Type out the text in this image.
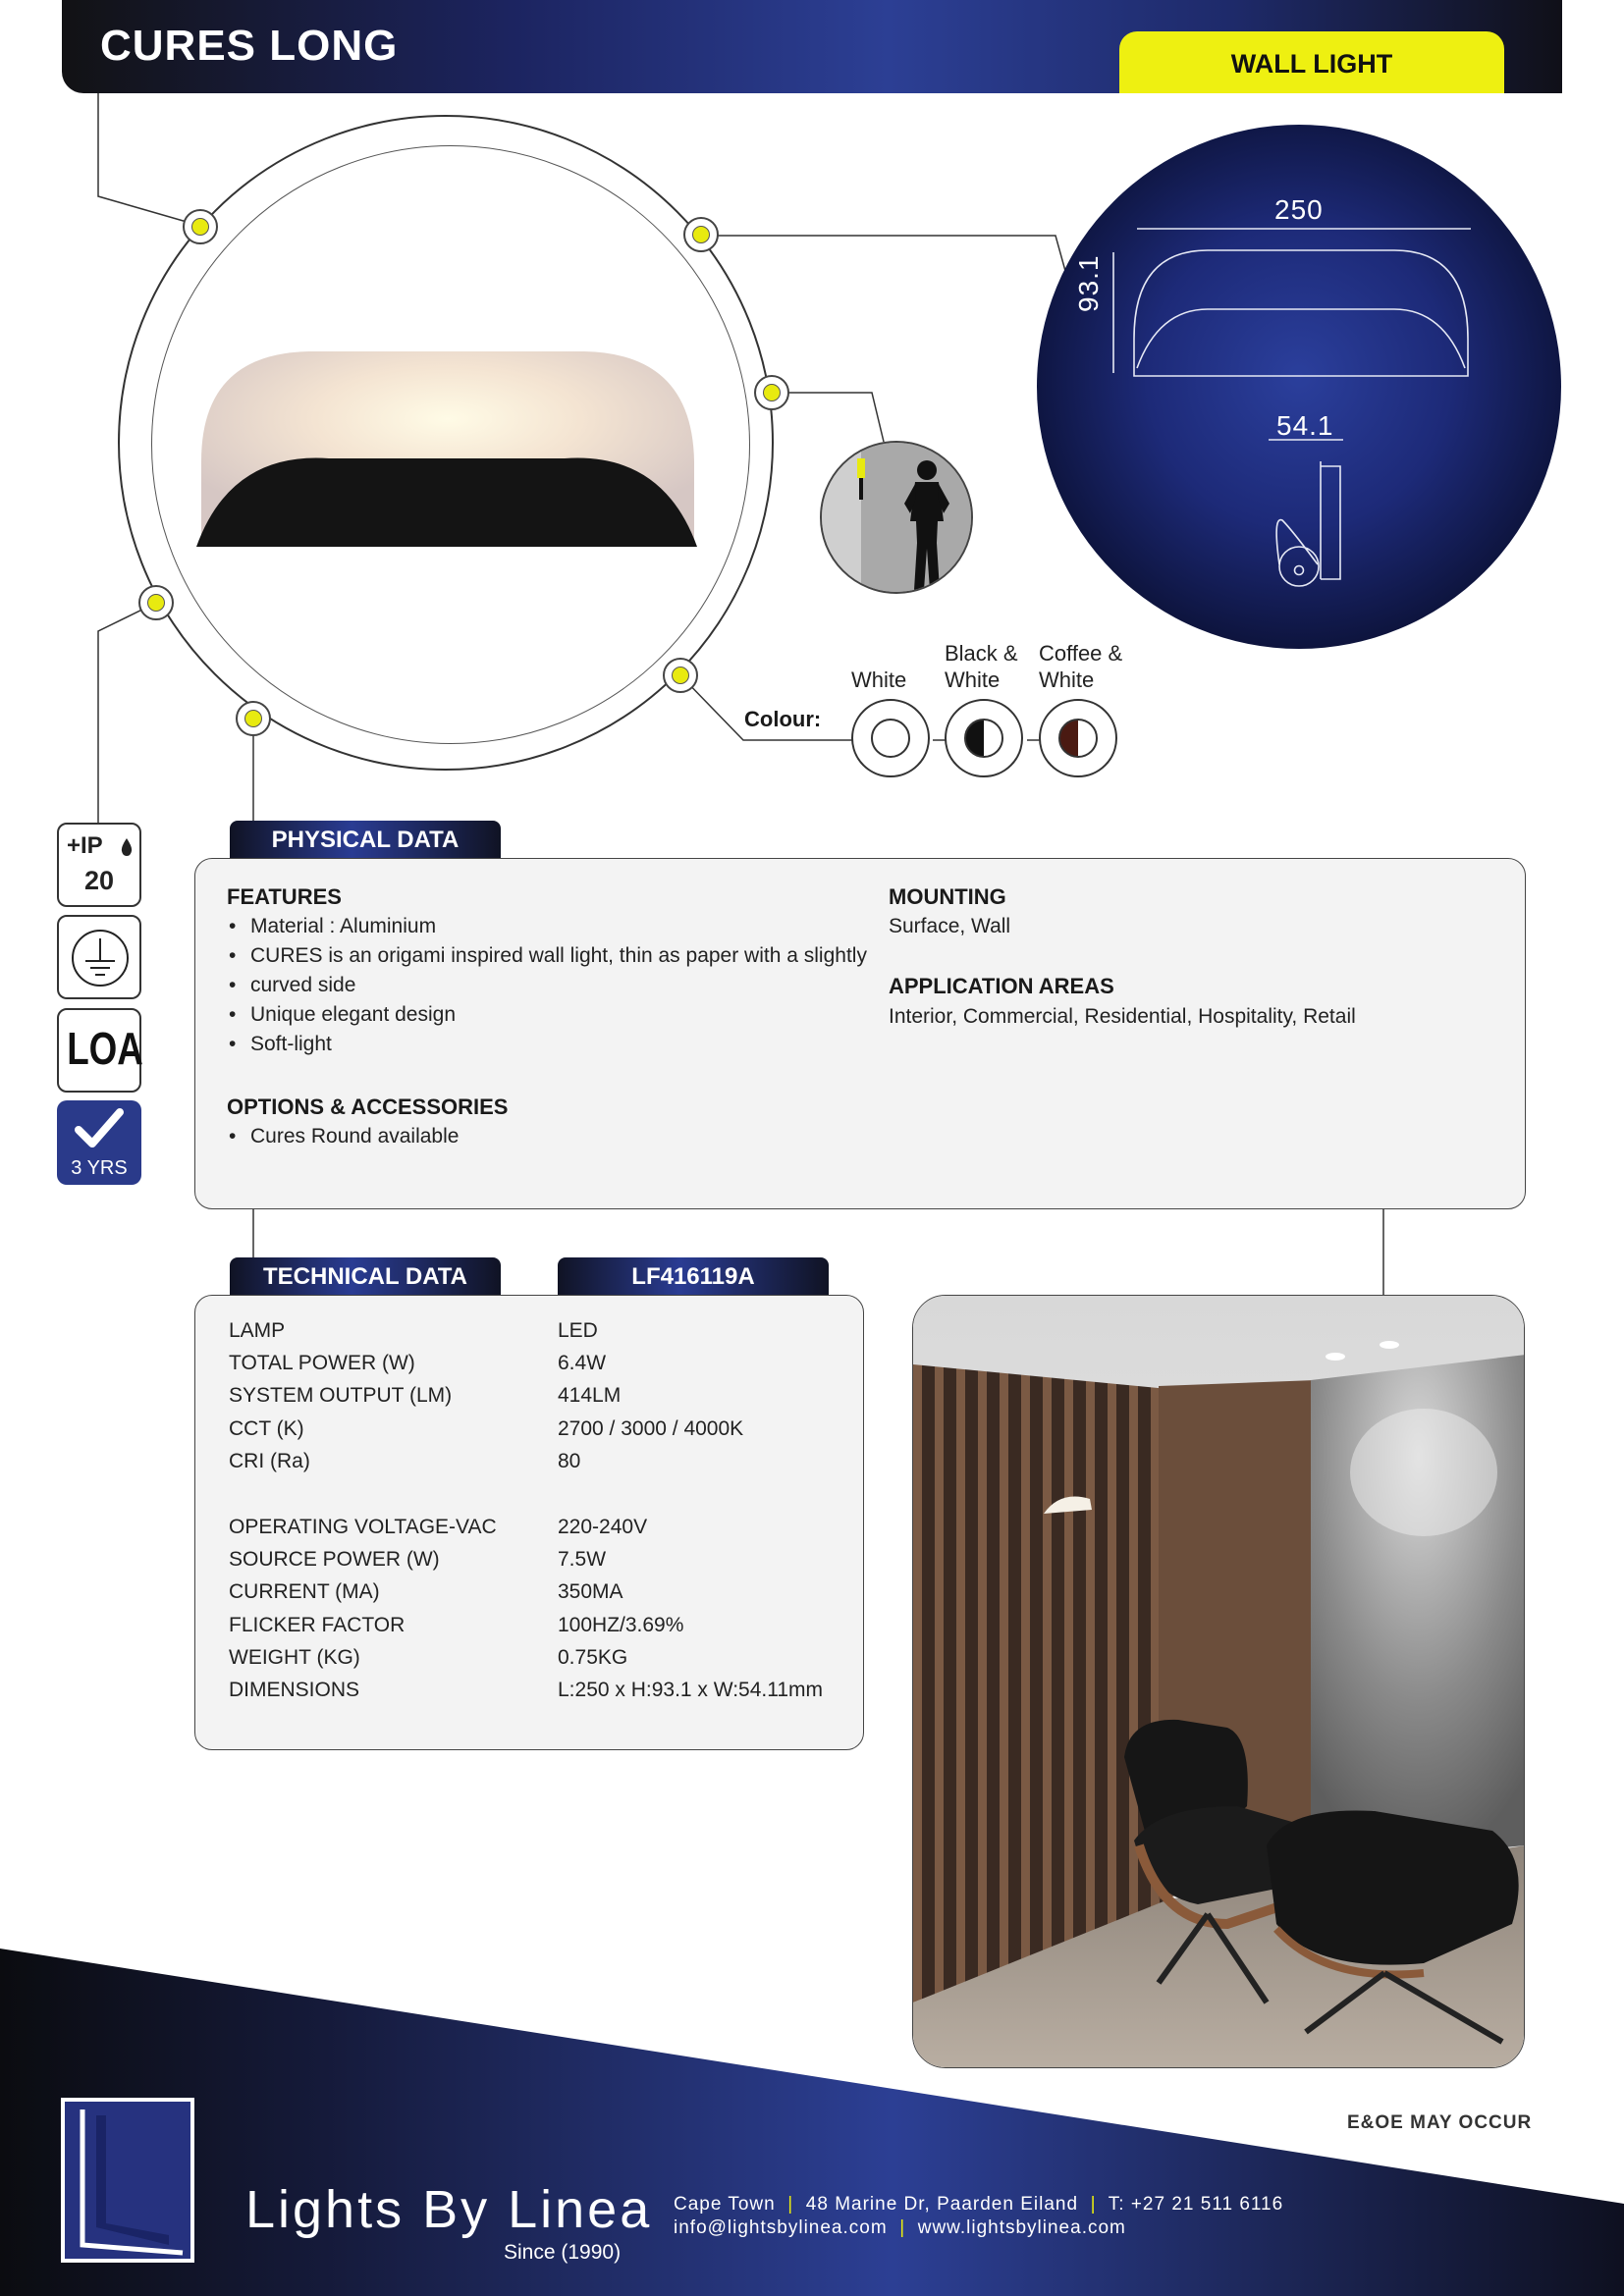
CURES LONG	WALL LIGHT
250
93.1
54.1
Colour:
White
Black &
White
Coffee &
White
+IP
20
LOA
3 YRS
PHYSICAL DATA
FEATURES
• Material : Aluminium
• CURES is an origami inspired wall light, thin as paper with a slightly
• curved side
• Unique elegant design
• Soft-light
OPTIONS & ACCESSORIES
• Cures Round available
MOUNTING
Surface, Wall
APPLICATION AREAS
Interior, Commercial, Residential, Hospitality, Retail
TECHNICAL DATA	LF416119A
LAMP	LED
TOTAL POWER (W)	6.4W
SYSTEM OUTPUT (LM)	414LM
CCT (K)	2700 / 3000 / 4000K
CRI (Ra)	80
OPERATING VOLTAGE-VAC	220-240V
SOURCE POWER (W)	7.5W
CURRENT (MA)	350MA
FLICKER FACTOR	100HZ/3.69%
WEIGHT (KG)	0.75KG
DIMENSIONS	L:250 x H:93.1 x W:54.11mm
E&OE MAY OCCUR
Lights By Linea
Since (1990)
Cape Town  |  48 Marine Dr, Paarden Eiland  |  T: +27 21 511 6116
info@lightsbylinea.com  |  www.lightsbylinea.com
